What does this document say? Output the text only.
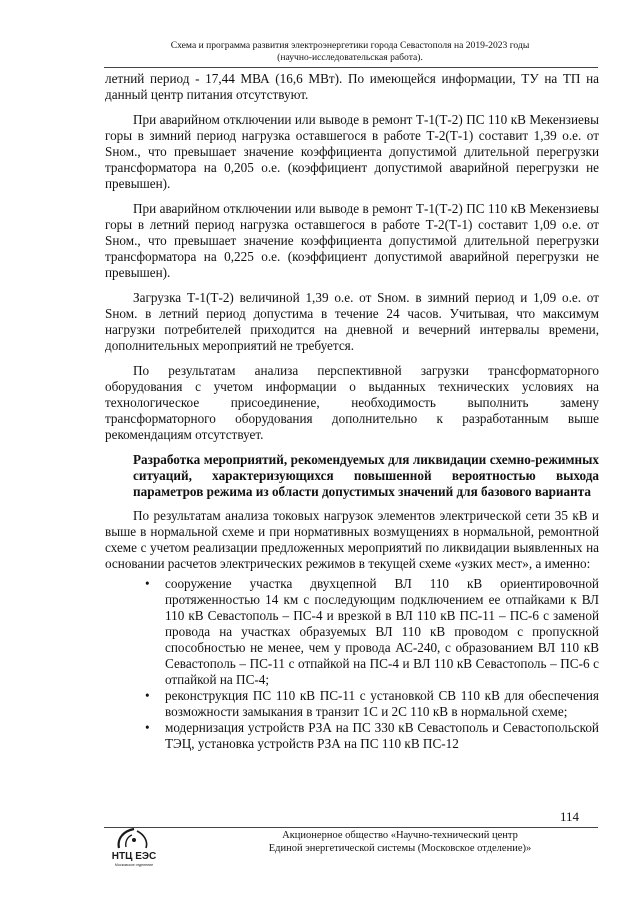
Схема и программа развития электроэнергетики города Севастополя на 2019-2023 годы
(научно-исследовательская работа).

летний период - 17,44 МВА (16,6 МВт). По имеющейся информации, ТУ на ТП на данный центр питания отсутствуют.

При аварийном отключении или выводе в ремонт Т-1(Т-2) ПС 110 кВ Мекензиевы горы в зимний период нагрузка оставшегося в работе Т-2(Т-1) составит 1,39 о.е. от Sном., что превышает значение коэффициента допустимой длительной перегрузки трансформатора на 0,205 о.е. (коэффициент допустимой аварийной перегрузки не превышен).

При аварийном отключении или выводе в ремонт Т-1(Т-2) ПС 110 кВ Мекензиевы горы в летний период нагрузка оставшегося в работе Т-2(Т-1) составит 1,09 о.е. от Sном., что превышает значение коэффициента допустимой длительной перегрузки трансформатора на 0,225 о.е. (коэффициент допустимой аварийной перегрузки не превышен).

Загрузка Т-1(Т-2) величиной 1,39 о.е. от Sном. в зимний период и 1,09 о.е. от Sном. в летний период допустима в течение 24 часов. Учитывая, что максимум нагрузки потребителей приходится на дневной и вечерний интервалы времени, дополнительных мероприятий не требуется.

По результатам анализа перспективной загрузки трансформаторного оборудования с учетом информации о выданных технических условиях на технологическое присоединение, необходимость выполнить замену трансформаторного оборудования дополнительно к разработанным выше рекомендациям отсутствует.

Разработка мероприятий, рекомендуемых для ликвидации схемно-режимных ситуаций, характеризующихся повышенной вероятностью выхода параметров режима из области допустимых значений для базового варианта

По результатам анализа токовых нагрузок элементов электрической сети 35 кВ и выше в нормальной схеме и при нормативных возмущениях в нормальной, ремонтной схеме с учетом реализации предложенных мероприятий по ликвидации выявленных на основании расчетов электрических режимов в текущей схеме «узких мест», а именно:

• сооружение участка двухцепной ВЛ 110 кВ ориентировочной протяженностью 14 км с последующим подключением ее отпайками к ВЛ 110 кВ Севастополь – ПС-4 и врезкой в ВЛ 110 кВ ПС-11 – ПС-6 с заменой провода на участках образуемых ВЛ 110 кВ проводом с пропускной способностью не менее, чем у провода АС-240, с образованием ВЛ 110 кВ Севастополь – ПС-11 с отпайкой на ПС-4 и ВЛ 110 кВ Севастополь – ПС-6 с отпайкой на ПС-4;
• реконструкция ПС 110 кВ ПС-11 с установкой СВ 110 кВ для обеспечения возможности замыкания в транзит 1С и 2С 110 кВ в нормальной схеме;
• модернизация устройств РЗА на ПС 330 кВ Севастополь и Севастопольской ТЭЦ, установка устройств РЗА на ПС 110 кВ ПС-12
114
НТЦ ЕЭС
Московское отделение
Акционерное общество «Научно-технический центр
Единой энергетической системы (Московское отделение)»
